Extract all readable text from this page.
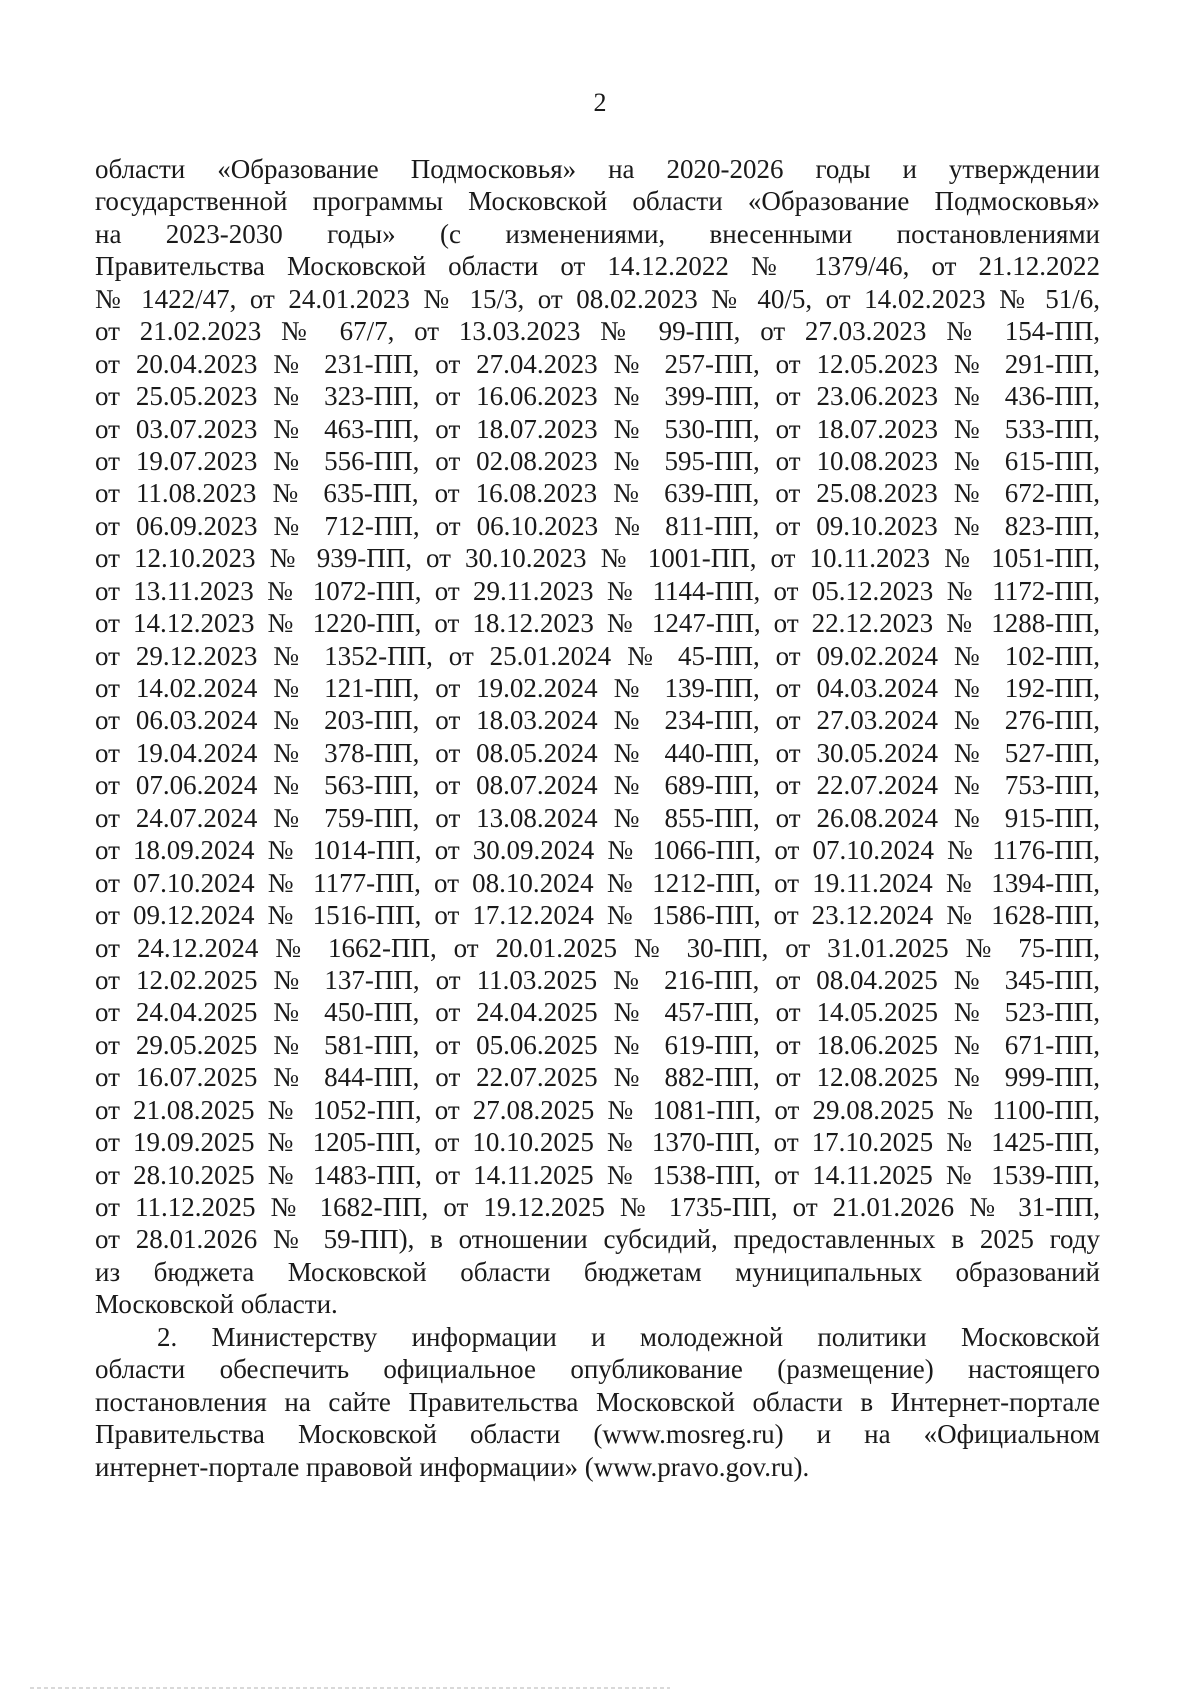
2
области «Образование Подмосковья» на 2020-2026 годы и утверждении
государственной программы Московской области «Образование Подмосковья»
на 2023-2030 годы» (с изменениями, внесенными постановлениями
Правительства Московской области от 14.12.2022 № 1379/46, от 21.12.2022
№ 1422/47, от 24.01.2023 № 15/3, от 08.02.2023 № 40/5, от 14.02.2023 № 51/6,
от 21.02.2023 № 67/7, от 13.03.2023 № 99-ПП, от 27.03.2023 № 154-ПП,
от 20.04.2023 № 231-ПП, от 27.04.2023 № 257-ПП, от 12.05.2023 № 291-ПП,
от 25.05.2023 № 323-ПП, от 16.06.2023 № 399-ПП, от 23.06.2023 № 436-ПП,
от 03.07.2023 № 463-ПП, от 18.07.2023 № 530-ПП, от 18.07.2023 № 533-ПП,
от 19.07.2023 № 556-ПП, от 02.08.2023 № 595-ПП, от 10.08.2023 № 615-ПП,
от 11.08.2023 № 635-ПП, от 16.08.2023 № 639-ПП, от 25.08.2023 № 672-ПП,
от 06.09.2023 № 712-ПП, от 06.10.2023 № 811-ПП, от 09.10.2023 № 823-ПП,
от 12.10.2023 № 939-ПП, от 30.10.2023 № 1001-ПП, от 10.11.2023 № 1051-ПП,
от 13.11.2023 № 1072-ПП, от 29.11.2023 № 1144-ПП, от 05.12.2023 № 1172-ПП,
от 14.12.2023 № 1220-ПП, от 18.12.2023 № 1247-ПП, от 22.12.2023 № 1288-ПП,
от 29.12.2023 № 1352-ПП, от 25.01.2024 № 45-ПП, от 09.02.2024 № 102-ПП,
от 14.02.2024 № 121-ПП, от 19.02.2024 № 139-ПП, от 04.03.2024 № 192-ПП,
от 06.03.2024 № 203-ПП, от 18.03.2024 № 234-ПП, от 27.03.2024 № 276-ПП,
от 19.04.2024 № 378-ПП, от 08.05.2024 № 440-ПП, от 30.05.2024 № 527-ПП,
от 07.06.2024 № 563-ПП, от 08.07.2024 № 689-ПП, от 22.07.2024 № 753-ПП,
от 24.07.2024 № 759-ПП, от 13.08.2024 № 855-ПП, от 26.08.2024 № 915-ПП,
от 18.09.2024 № 1014-ПП, от 30.09.2024 № 1066-ПП, от 07.10.2024 № 1176-ПП,
от 07.10.2024 № 1177-ПП, от 08.10.2024 № 1212-ПП, от 19.11.2024 № 1394-ПП,
от 09.12.2024 № 1516-ПП, от 17.12.2024 № 1586-ПП, от 23.12.2024 № 1628-ПП,
от 24.12.2024 № 1662-ПП, от 20.01.2025 № 30-ПП, от 31.01.2025 № 75-ПП,
от 12.02.2025 № 137-ПП, от 11.03.2025 № 216-ПП, от 08.04.2025 № 345-ПП,
от 24.04.2025 № 450-ПП, от 24.04.2025 № 457-ПП, от 14.05.2025 № 523-ПП,
от 29.05.2025 № 581-ПП, от 05.06.2025 № 619-ПП, от 18.06.2025 № 671-ПП,
от 16.07.2025 № 844-ПП, от 22.07.2025 № 882-ПП, от 12.08.2025 № 999-ПП,
от 21.08.2025 № 1052-ПП, от 27.08.2025 № 1081-ПП, от 29.08.2025 № 1100-ПП,
от 19.09.2025 № 1205-ПП, от 10.10.2025 № 1370-ПП, от 17.10.2025 № 1425-ПП,
от 28.10.2025 № 1483-ПП, от 14.11.2025 № 1538-ПП, от 14.11.2025 № 1539-ПП,
от 11.12.2025 № 1682-ПП, от 19.12.2025 № 1735-ПП, от 21.01.2026 № 31-ПП,
от 28.01.2026 № 59-ПП), в отношении субсидий, предоставленных в 2025 году
из бюджета Московской области бюджетам муниципальных образований
Московской области.
2. Министерству информации и молодежной политики Московской
области обеспечить официальное опубликование (размещение) настоящего
постановления на сайте Правительства Московской области в Интернет-портале
Правительства Московской области (www.mosreg.ru) и на «Официальном
интернет-портале правовой информации» (www.pravo.gov.ru).
